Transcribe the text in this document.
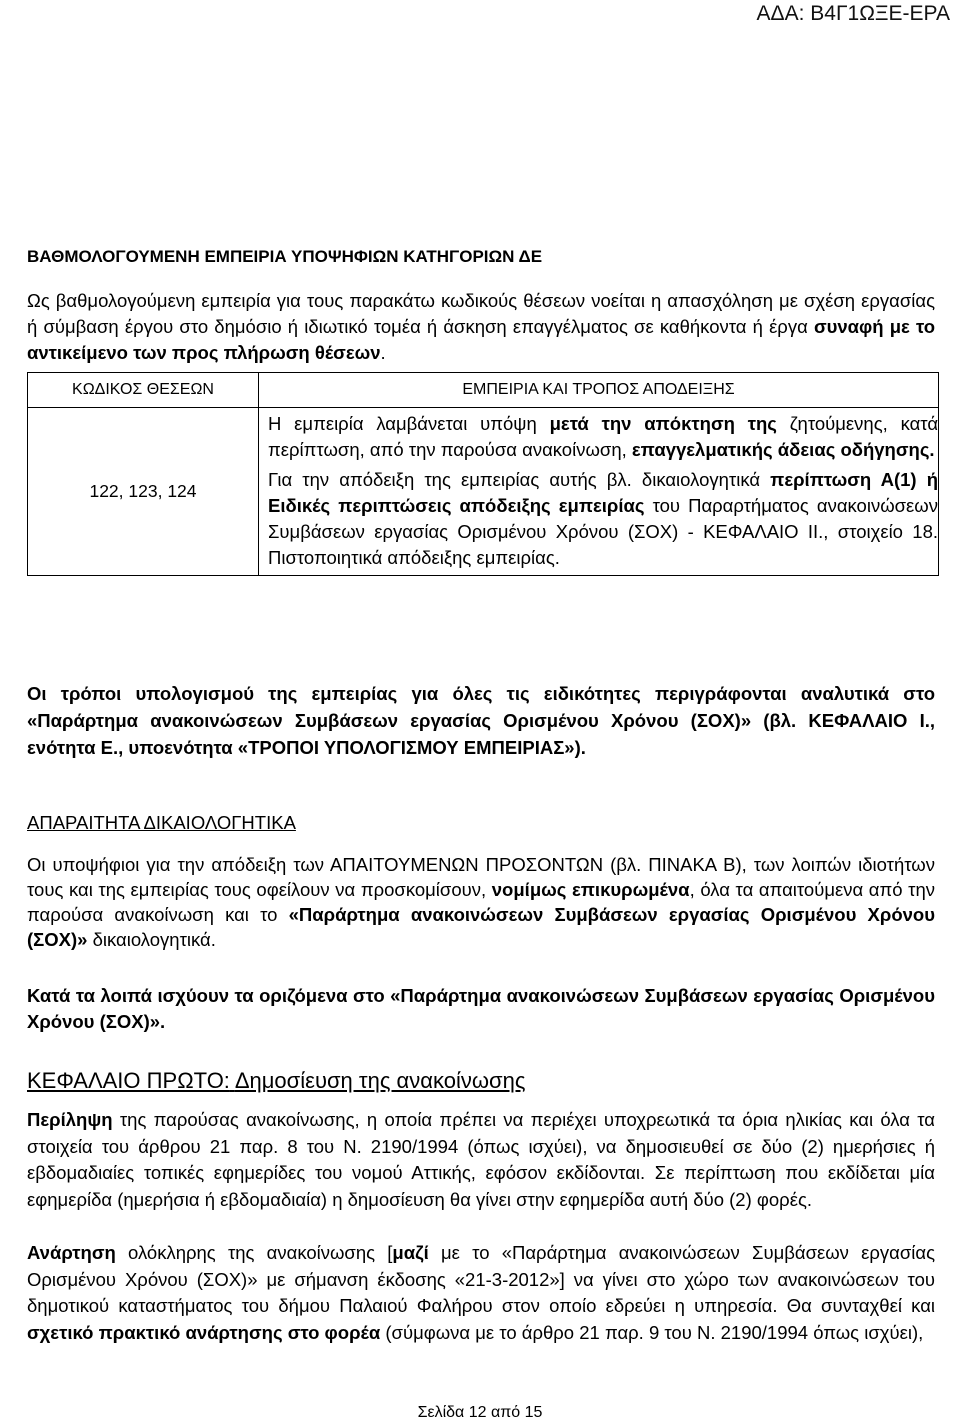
ΑΔΑ: Β4Γ1ΩΞΕ-ΕΡΑ
ΒΑΘΜΟΛΟΓΟΥΜΕΝΗ ΕΜΠΕΙΡΙΑ ΥΠΟΨΗΦΙΩΝ ΚΑΤΗΓΟΡΙΩΝ ΔΕ

Ως βαθμολογούμενη εμπειρία για τους παρακάτω κωδικούς θέσεων νοείται η απασχόληση με σχέση εργασίας ή σύμβαση έργου στο δημόσιο ή ιδιωτικό τομέα ή άσκηση επαγγέλματος σε καθήκοντα ή έργα συναφή με το αντικείμενο των προς πλήρωση θέσεων.

ΚΩΔΙΚΟΣ ΘΕΣΕΩΝ	ΕΜΠΕΙΡΙΑ ΚΑΙ ΤΡΟΠΟΣ ΑΠΟΔΕΙΞΗΣ
122, 123, 124	Η εμπειρία λαμβάνεται υπόψη μετά την απόκτηση της ζητούμενης, κατά περίπτωση, από την παρούσα ανακοίνωση, επαγγελματικής άδειας οδήγησης.

Για την απόδειξη της εμπειρίας αυτής βλ. δικαιολογητικά περίπτωση Α(1) ή Ειδικές περιπτώσεις απόδειξης εμπειρίας του Παραρτήματος ανακοινώσεων Συμβάσεων εργασίας Ορισμένου Χρόνου (ΣΟΧ) - ΚΕΦΑΛΑΙΟ ΙΙ., στοιχείο 18. Πιστοποιητικά απόδειξης εμπειρίας.

Οι τρόποι υπολογισμού της εμπειρίας για όλες τις ειδικότητες περιγράφονται αναλυτικά στο «Παράρτημα ανακοινώσεων Συμβάσεων εργασίας Ορισμένου Χρόνου (ΣΟΧ)» (βλ. ΚΕΦΑΛΑΙΟ Ι., ενότητα Ε., υποενότητα «ΤΡΟΠΟΙ ΥΠΟΛΟΓΙΣΜΟΥ ΕΜΠΕΙΡΙΑΣ»).

ΑΠΑΡΑΙΤΗΤΑ ΔΙΚΑΙΟΛΟΓΗΤΙΚΑ

Οι υποψήφιοι για την απόδειξη των ΑΠΑΙΤΟΥΜΕΝΩΝ ΠΡΟΣΟΝΤΩΝ (βλ. ΠΙΝΑΚΑ Β), των λοιπών ιδιοτήτων τους και της εμπειρίας τους οφείλουν να προσκομίσουν, νομίμως επικυρωμένα, όλα τα απαιτούμενα από την παρούσα ανακοίνωση και το «Παράρτημα ανακοινώσεων Συμβάσεων εργασίας Ορισμένου Χρόνου (ΣΟΧ)» δικαιολογητικά.

Κατά τα λοιπά ισχύουν τα οριζόμενα στο «Παράρτημα ανακοινώσεων Συμβάσεων εργασίας Ορισμένου Χρόνου (ΣΟΧ)».

ΚΕΦΑΛΑΙΟ ΠΡΩΤΟ: Δημοσίευση της ανακοίνωσης

Περίληψη της παρούσας ανακοίνωσης, η οποία πρέπει να περιέχει υποχρεωτικά τα όρια ηλικίας και όλα τα στοιχεία του άρθρου 21 παρ. 8 του Ν. 2190/1994 (όπως ισχύει), να δημοσιευθεί σε δύο (2) ημερήσιες ή εβδομαδιαίες τοπικές εφημερίδες του νομού Αττικής, εφόσον εκδίδονται. Σε περίπτωση που εκδίδεται μία εφημερίδα (ημερήσια ή εβδομαδιαία) η δημοσίευση θα γίνει στην εφημερίδα αυτή δύο (2) φορές.

Ανάρτηση ολόκληρης της ανακοίνωσης [μαζί με το «Παράρτημα ανακοινώσεων Συμβάσεων εργασίας Ορισμένου Χρόνου (ΣΟΧ)» με σήμανση έκδοσης «21-3-2012»] να γίνει στο χώρο των ανακοινώσεων του δημοτικού καταστήματος του δήμου Παλαιού Φαλήρου στον οποίο εδρεύει η υπηρεσία. Θα συνταχθεί και σχετικό πρακτικό ανάρτησης στο φορέα (σύμφωνα με το άρθρο 21 παρ. 9 του Ν. 2190/1994 όπως ισχύει),

Σελίδα 12 από 15
